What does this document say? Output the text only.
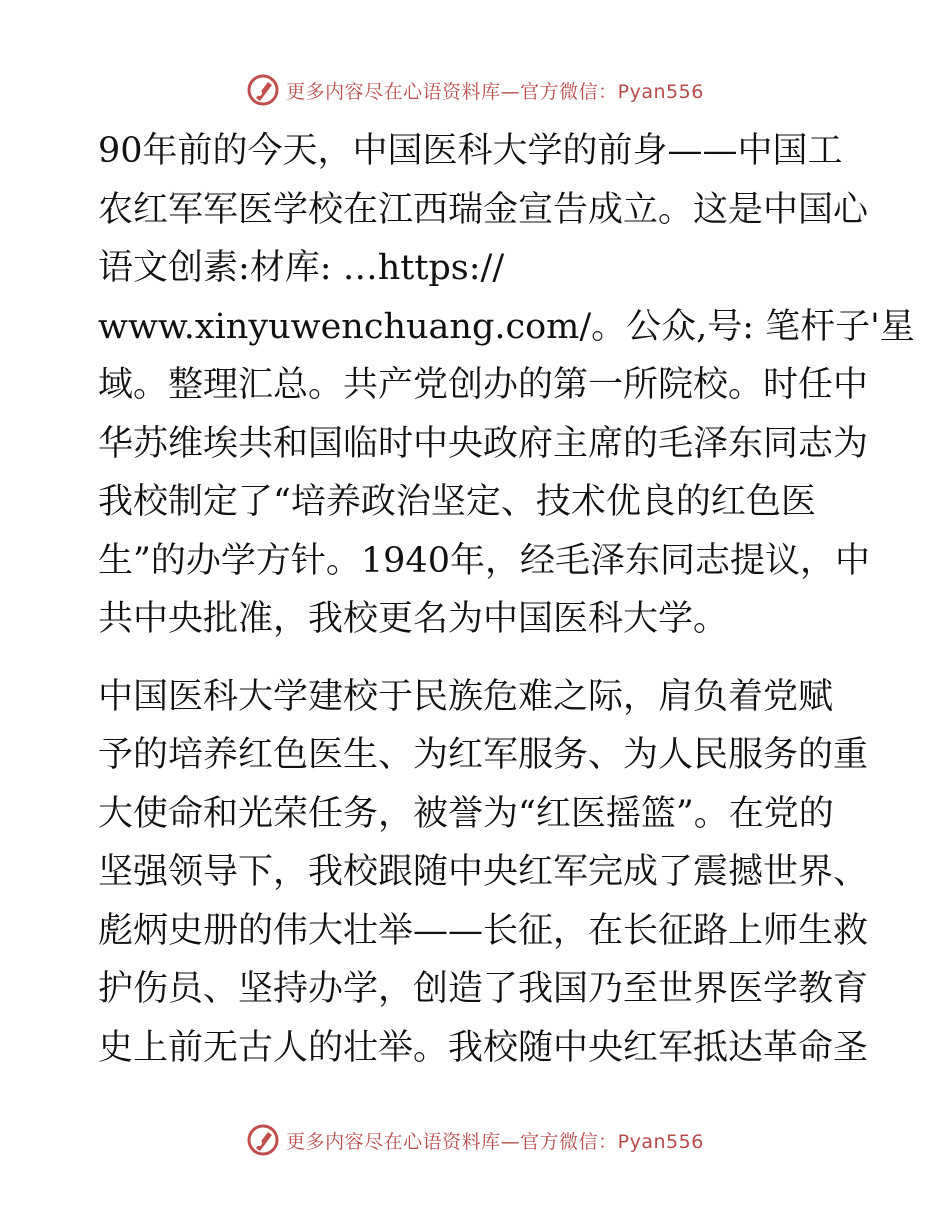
更多内容尽在心语资料库—官方微信：Pyan556
90年前的今天，中国医科大学的前身——中国工
农红军军医学校在江西瑞金宣告成立。这是中国心
语文创素:材库: …https://
www.xinyuwenchuang.com/。公众,号: 笔杆子'星
域。整理汇总。共产党创办的第一所院校。时任中
华苏维埃共和国临时中央政府主席的毛泽东同志为
我校制定了“培养政治坚定、技术优良的红色医
生”的办学方针。1940年，经毛泽东同志提议，中
共中央批准，我校更名为中国医科大学。
中国医科大学建校于民族危难之际，肩负着党赋
予的培养红色医生、为红军服务、为人民服务的重
大使命和光荣任务，被誉为“红医摇篮”。在党的
坚强领导下，我校跟随中央红军完成了震撼世界、
彪炳史册的伟大壮举——长征，在长征路上师生救
护伤员、坚持办学，创造了我国乃至世界医学教育
史上前无古人的壮举。我校随中央红军抵达革命圣
更多内容尽在心语资料库—官方微信：Pyan556
